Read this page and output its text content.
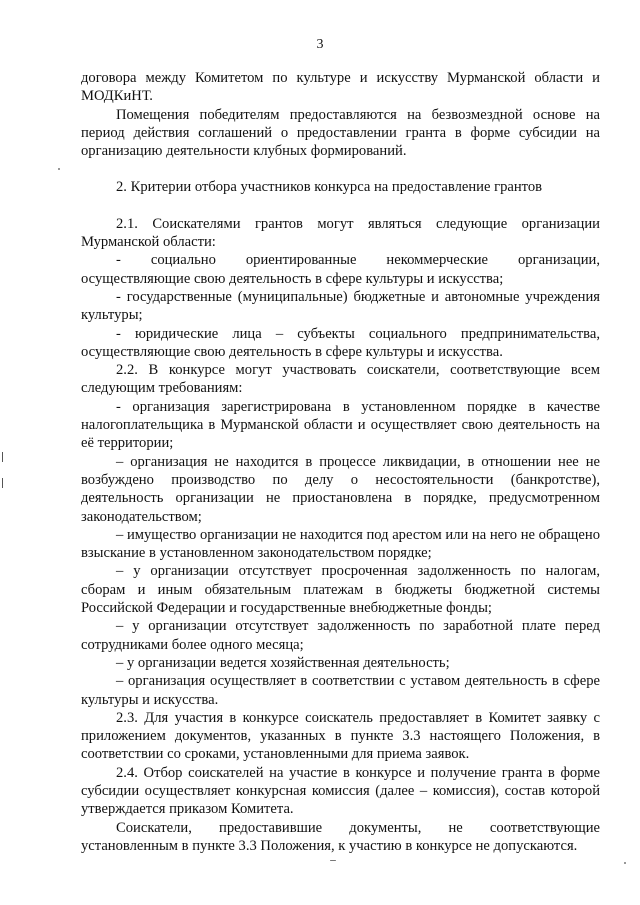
3

договора между Комитетом по культуре и искусству Мурманской области и МОДКиНТ.

Помещения победителям предоставляются на безвозмездной основе на период действия соглашений о предоставлении гранта в форме субсидии на организацию деятельности клубных формирований.

2. Критерии отбора участников конкурса на предоставление грантов

2.1. Соискателями грантов могут являться следующие организации Мурманской области:

- социально ориентированные некоммерческие организации, осуществляющие свою деятельность в сфере культуры и искусства;

- государственные (муниципальные) бюджетные и автономные учреждения культуры;

- юридические лица – субъекты социального предпринимательства, осуществляющие свою деятельность в сфере культуры и искусства.

2.2. В конкурсе могут участвовать соискатели, соответствующие всем следующим требованиям:

- организация зарегистрирована в установленном порядке в качестве налогоплательщика в Мурманской области и осуществляет свою деятельность на её территории;

– организация не находится в процессе ликвидации, в отношении нее не возбуждено производство по делу о несостоятельности (банкротстве), деятельность организации не приостановлена в порядке, предусмотренном законодательством;

– имущество организации не находится под арестом или на него не обращено взыскание в установленном законодательством порядке;

– у организации отсутствует просроченная задолженность по налогам, сборам и иным обязательным платежам в бюджеты бюджетной системы Российской Федерации и государственные внебюджетные фонды;

– у организации отсутствует задолженность по заработной плате перед сотрудниками более одного месяца;

– у организации ведется хозяйственная деятельность;

– организация осуществляет в соответствии с уставом деятельность в сфере культуры и искусства.

2.3. Для участия в конкурсе соискатель предоставляет в Комитет заявку с приложением документов, указанных в пункте 3.3 настоящего Положения, в соответствии со сроками, установленными для приема заявок.

2.4. Отбор соискателей на участие в конкурсе и получение гранта в форме субсидии осуществляет конкурсная комиссия (далее – комиссия), состав которой утверждается приказом Комитета.

Соискатели, предоставившие документы, не соответствующие установленным в пункте 3.3 Положения, к участию в конкурсе не допускаются.
